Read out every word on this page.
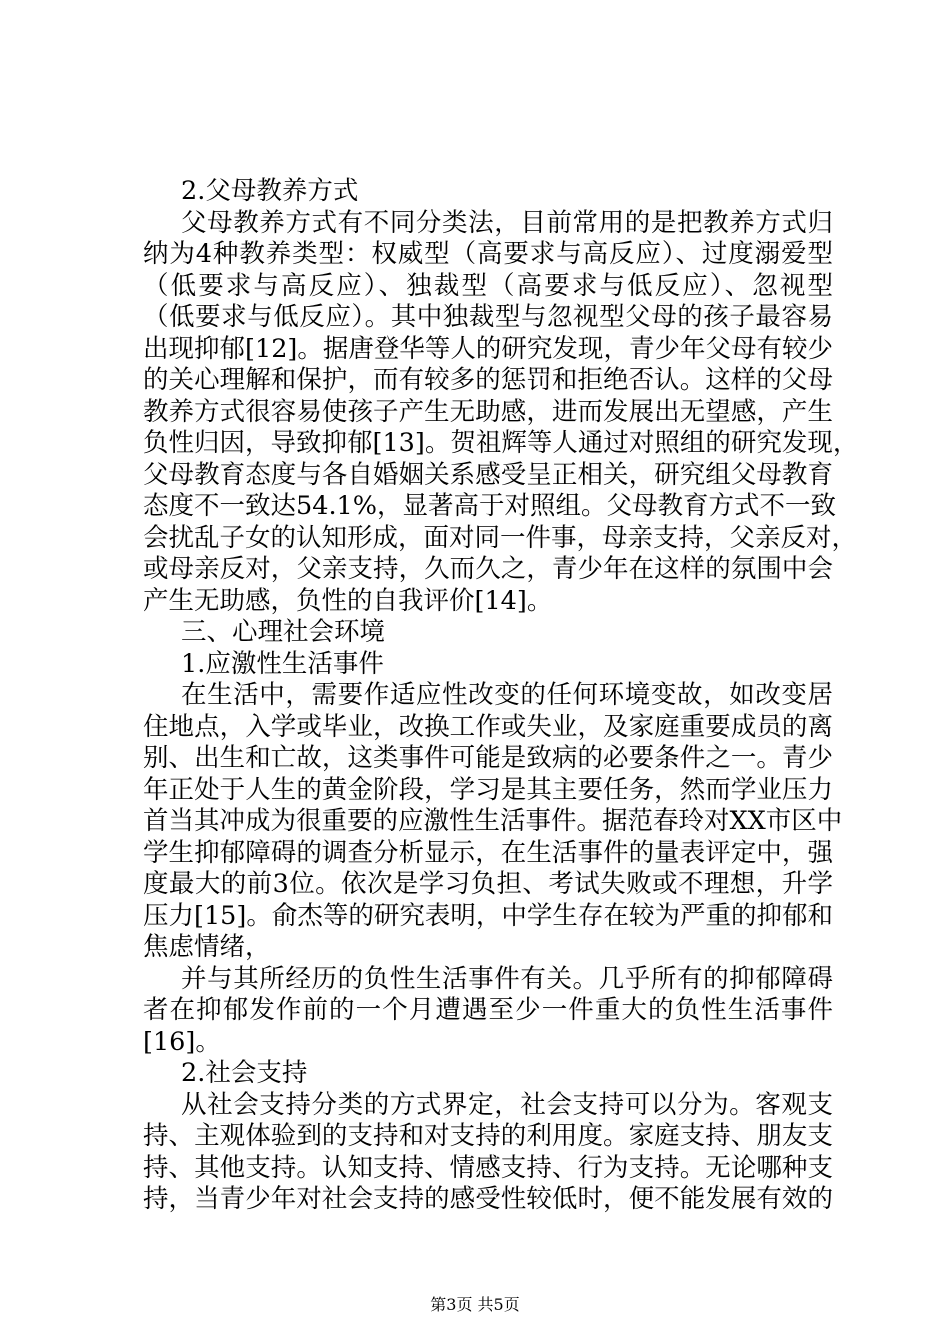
2.父母教养方式
父母教养方式有不同分类法，目前常用的是把教养方式归
纳为4种教养类型：权威型（高要求与高反应）、过度溺爱型
（低要求与高反应）、独裁型（高要求与低反应）、忽视型
（低要求与低反应）。其中独裁型与忽视型父母的孩子最容易
出现抑郁[12]。据唐登华等人的研究发现，青少年父母有较少
的关心理解和保护，而有较多的惩罚和拒绝否认。这样的父母
教养方式很容易使孩子产生无助感，进而发展出无望感，产生
负性归因，导致抑郁[13]。贺祖辉等人通过对照组的研究发现，
父母教育态度与各自婚姻关系感受呈正相关，研究组父母教育
态度不一致达54.1%，显著高于对照组。父母教育方式不一致
会扰乱子女的认知形成，面对同一件事，母亲支持，父亲反对，
或母亲反对，父亲支持，久而久之，青少年在这样的氛围中会
产生无助感，负性的自我评价[14]。
三、心理社会环境
1.应激性生活事件
在生活中，需要作适应性改变的任何环境变故，如改变居
住地点，入学或毕业，改换工作或失业，及家庭重要成员的离
别、出生和亡故，这类事件可能是致病的必要条件之一。青少
年正处于人生的黄金阶段，学习是其主要任务，然而学业压力
首当其冲成为很重要的应激性生活事件。据范春玲对XX市区中
学生抑郁障碍的调查分析显示，在生活事件的量表评定中，强
度最大的前3位。依次是学习负担、考试失败或不理想，升学
压力[15]。俞杰等的研究表明，中学生存在较为严重的抑郁和
焦虑情绪，
并与其所经历的负性生活事件有关。几乎所有的抑郁障碍
者在抑郁发作前的一个月遭遇至少一件重大的负性生活事件
[16]。
2.社会支持
从社会支持分类的方式界定，社会支持可以分为。客观支
持、主观体验到的支持和对支持的利用度。家庭支持、朋友支
持、其他支持。认知支持、情感支持、行为支持。无论哪种支
持，当青少年对社会支持的感受性较低时，便不能发展有效的
第3页 共5页
